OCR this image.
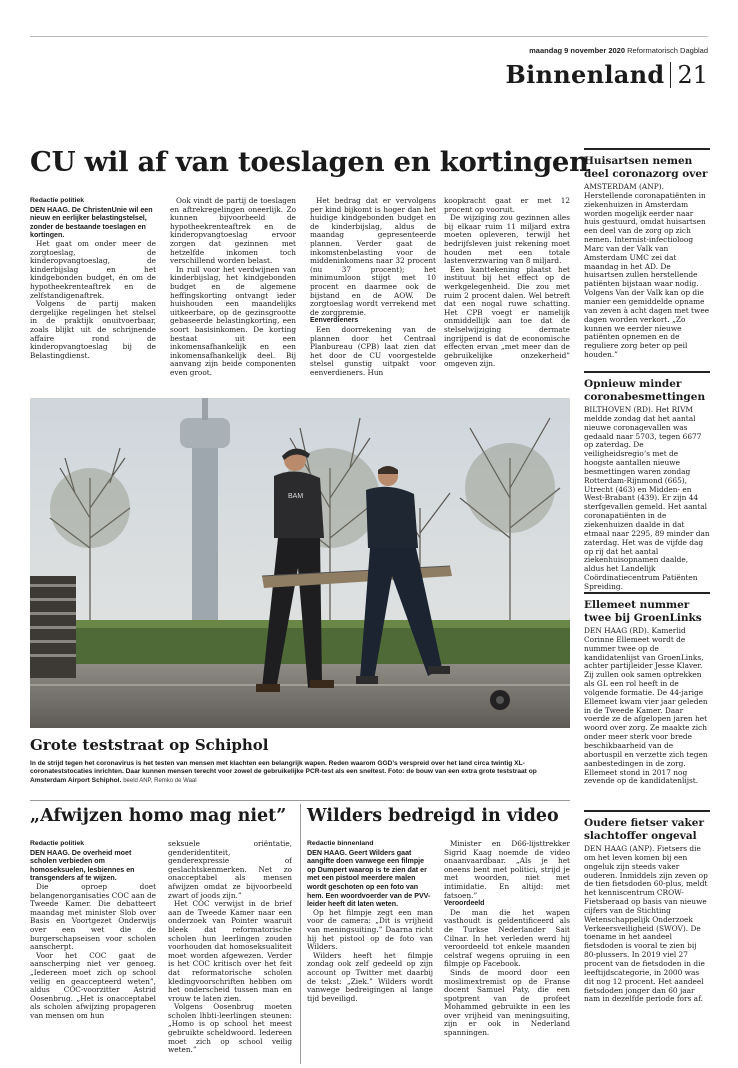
maandag 9 november 2020 Reformatorisch Dagblad
Binnenland 21
CU wil af van toeslagen en kortingen

Redactie politiek

DEN HAAG. De ChristenUnie wil een nieuw en eerlijker belastingstelsel, zonder de bestaande toeslagen en kortingen.

Het gaat om onder meer de zorgtoeslag, de kinderopvangtoeslag, de kinderbijslag en het kindgebonden budget, én om de hypotheekrenteaftrek en de zelfstandigenaftrek.

Volgens de partij maken dergelijke regelingen het stelsel in de praktijk onuitvoerbaar, zoals blijkt uit de schrijnende affaire rond de kinderopvangtoeslag bij de Belastingdienst.

Ook vindt de partij de toeslagen en aftrekregelingen oneerlijk. Zo kunnen bijvoorbeeld de hypotheekrenteaftrek en de kinderopvangtoeslag ervoor zorgen dat gezinnen met hetzelfde inkomen toch verschillend worden belast.

In ruil voor het verdwijnen van kinderbijslag, het kindgebonden budget en de algemene heffingskorting ontvangt ieder huishouden een maandelijks uitkeerbare, op de gezinsgrootte gebaseerde belastingkorting, een soort basisinkomen. De korting bestaat uit een inkomensafhankelijk en een inkomensafhankelijk deel. Bij aanvang zijn beide componenten even groot.

Het bedrag dat er vervolgens per kind bijkomt is hoger dan het huidige kindgebonden budget en de kinderbijslag, aldus de maandag gepresenteerde plannen. Verder gaat de inkomstenbelasting voor de middeninkomens naar 32 procent (nu 37 procent); het minimumloon stijgt met 10 procent en daarmee ook de bijstand en de AOW. De zorgtoeslag wordt verrekend met de zorgpremie.

Eenverdieners

Een doorrekening van de plannen door het Centraal Planbureau (CPB) laat zien dat het door de CU voorgestelde stelsel gunstig uitpakt voor eenverdieners. Hun

koopkracht gaat er met 12 procent op vooruit.

De wijziging zou gezinnen alles bij elkaar ruim 11 miljard extra moeten opleveren, terwijl het bedrijfsleven juist rekening moet houden met een totale lastenverzwaring van 8 miljard.

Een kanttekening plaatst het instituut bij het effect op de werkgelegenheid. Die zou met ruim 2 procent dalen. Wel betreft dat een nogal ruwe schatting. Het CPB voegt er namelijk onmiddellijk aan toe dat de stelselwijziging dermate ingrijpend is dat de economische effecten ervan „met meer dan de gebruikelijke onzekerheid” omgeven zijn.

BAM
Grote teststraat op Schiphol

In de strijd tegen het coronavirus is het testen van mensen met klachten een belangrijk wapen. Reden waarom GGD’s verspreid over het land circa twintig XL-coronateststocaties inrichten. Daar kunnen mensen terecht voor zowel de gebruikelijke PCR-test als een sneltest. Foto: de bouw van een extra grote teststraat op Amsterdam Airport Schiphol. beeld ANP, Remko de Waal

„Afwijzen homo mag niet” Wilders bedreigd in video

Redactie politiek

DEN HAAG. De overheid moet scholen verbieden om homoseksuelen, lesbiennes en transgenders af te wijzen.

Die oproep doet belangenorganisaties COC aan de Tweede Kamer. Die debatteert maandag met minister Slob over Basis en Voortgezet Onderwijs over een wet die de burgerschapseisen voor scholen aanscherpt.

Voor het COC gaat de aanscherping niet ver genoeg. „Iedereen moet zich op school veilig en geaccepteerd weten”, aldus COC-voorzitter Astrid Oosenbrug. „Het is onacceptabel als scholen afwijzing propageren van mensen om hun

seksuele oriëntatie, genderidentiteit, genderexpressie of geslachtskenmerken. Net zo onacceptabel als mensen afwijzen omdat ze bijvoorbeeld zwart of joods zijn.”

Het COC verwijst in de brief aan de Tweede Kamer naar een onderzoek van Pointer waaruit bleek dat reformatorische scholen hun leerlingen zouden voorhouden dat homoseksualiteit moet worden afgewezen. Verder is het COC kritisch over het feit dat reformatorische scholen kledingvoorschriften hebben om het onderscheid tussen man en vrouw te laten zien.

Volgens Oosenbrug moeten scholen lhbti-leerlingen steunen: „Homo is op school het meest gebruikte scheldwoord. Iedereen moet zich op school veilig weten.”

Redactie binnenland

DEN HAAG. Geert Wilders gaat aangifte doen vanwege een filmpje op Dumpert waarop is te zien dat er met een pistool meerdere malen wordt geschoten op een foto van hem. Een woordvoerder van de PVV-leider heeft dit laten weten.

Op het filmpje zegt een man voor de camera: „Dit is vrijheid van meningsuiting.” Daarna richt hij het pistool op de foto van Wilders.

Wilders heeft het filmpje zondag ook zelf gedeeld op zijn account op Twitter met daarbij de tekst: „Ziek.” Wilders wordt vanwege bedreigingen al lange tijd beveiligd.

Minister en D66-lijsttrekker Sigrid Kaag noemde de video onaanvaardbaar. „Als je het oneens bent met politici, strijd je met woorden, niet met intimidatie. En altijd: met fatsoen.”

Veroordeeld

De man die het wapen vasthoudt is geïdentificeerd als de Turkse Nederlander Sait Cilnar. In het verleden werd hij veroordeeld tot enkele maanden celstraf wegens opruiing in een filmpje op Facebook.

Sinds de moord door een moslimextremist op de Franse docent Samuel Paty, die een spotprent van de profeet Mohammed gebruikte in een les over vrijheid van meningsuiting, zijn er ook in Nederland spanningen.

Huisartsen nemen deel coronazorg over
AMSTERDAM (ANP). Herstellende coronapatiënten in ziekenhuizen in Amsterdam worden mogelijk eerder naar huis gestuurd, omdat huisartsen een deel van de zorg op zich nemen. Internist-infectioloog Marc van der Valk van Amsterdam UMC zei dat maandag in het AD. De huisartsen zullen herstellende patiënten bijstaan waar nodig. Volgens Van der Valk kan op die manier een gemiddelde opname van zeven à acht dagen met twee dagen worden verkort. „Zo kunnen we eerder nieuwe patiënten opnemen en de reguliere zorg beter op peil houden.”
Opnieuw minder coronabesmettingen
BILTHOVEN (RD). Het RIVM meldde zondag dat het aantal nieuwe coronagevallen was gedaald naar 5703, tegen 6677 op zaterdag. De veiligheidsregio’s met de hoogste aantallen nieuwe besmettingen waren zondag Rotterdam-Rijnmond (665), Utrecht (463) en Midden- en West-Brabant (439). Er zijn 44 sterfgevallen gemeld. Het aantal coronapatiënten in de ziekenhuizen daalde in dat etmaal naar 2295, 89 minder dan zaterdag. Het was de vijfde dag op rij dat het aantal ziekenhuisopnamen daalde, aldus het Landelijk Coördinatiecentrum Patiënten Spreiding.
Ellemeet nummer twee bij GroenLinks
DEN HAAG (RD). Kamerlid Corinne Ellemeet wordt de nummer twee op de kandidatenlijst van GroenLinks, achter partijleider Jesse Klaver. Zij zullen ook samen optrekken als GL een rol heeft in de volgende formatie. De 44-jarige Ellemeet kwam vier jaar geleden in de Tweede Kamer. Daar voerde ze de afgelopen jaren het woord over zorg. Ze maakte zich onder meer sterk voor brede beschikbaarheid van de abortuspil en verzette zich tegen aanbestedingen in de zorg. Ellemeet stond in 2017 nog zevende op de kandidatenlijst.
Oudere fietser vaker slachtoffer ongeval
DEN HAAG (ANP). Fietsers die om het leven komen bij een ongeluk zijn steeds vaker ouderen. Inmiddels zijn zeven op de tien fietsdoden 60-plus, meldt het kenniscentrum CROW-Fietsberaad op basis van nieuwe cijfers van de Stichting Wetenschappelijk Onderzoek Verkeersveiligheid (SWOV). De toename in het aandeel fietsdoden is vooral te zien bij 80-plussers. In 2019 viel 27 procent van de fietsdoden in die leeftijdscategorie, in 2000 was dit nog 12 procent. Het aandeel fietsdoden jonger dan 60 jaar nam in dezelfde periode fors af.
